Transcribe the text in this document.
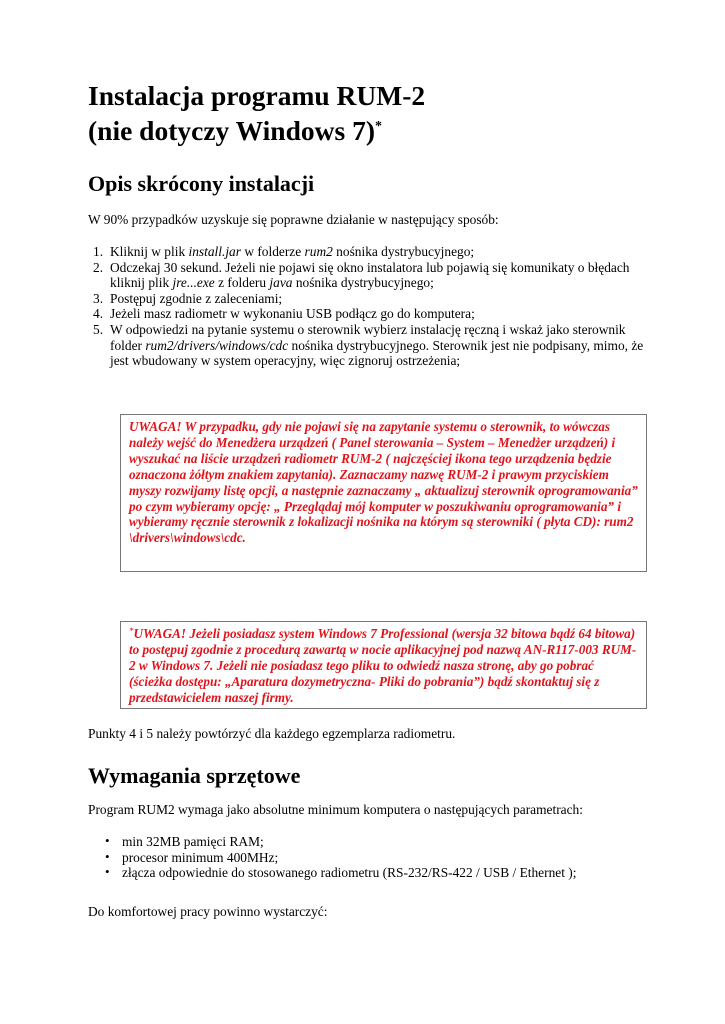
Instalacja programu RUM-2
(nie dotyczy Windows 7)*
Opis skrócony instalacji

W 90% przypadków uzyskuje się poprawne działanie w następujący sposób:

1. Kliknij w plik install.jar w folderze rum2 nośnika dystrybucyjnego;
2. Odczekaj 30 sekund. Jeżeli nie pojawi się okno instalatora lub pojawią się komunikaty o błędach kliknij plik jre...exe z folderu java nośnika dystrybucyjnego;
3. Postępuj zgodnie z zaleceniami;
4. Jeżeli masz radiometr w wykonaniu USB podłącz go do komputera;
5. W odpowiedzi na pytanie systemu o sterownik wybierz instalację ręczną i wskaż jako sterownik folder rum2/drivers/windows/cdc nośnika dystrybucyjnego. Sterownik jest nie podpisany, mimo, że jest wbudowany w system operacyjny, więc zignoruj ostrzeżenia;
UWAGA! W przypadku, gdy nie pojawi się na zapytanie systemu o sterownik, to wówczas należy wejść do Menedżera urządzeń ( Panel sterowania – System – Menedżer urządzeń) i wyszukać na liście urządzeń radiometr RUM-2 ( najczęściej ikona tego urządzenia będzie oznaczona żółtym znakiem zapytania). Zaznaczamy nazwę RUM-2 i prawym przyciskiem myszy rozwijamy listę opcji, a następnie zaznaczamy „ aktualizuj sterownik oprogramowania” po czym wybieramy opcję: „ Przeglądaj mój komputer w poszukiwaniu oprogramowania” i wybieramy ręcznie sterownik z lokalizacji nośnika na którym są sterowniki ( płyta CD): rum2 \drivers\windows\cdc.
*UWAGA! Jeżeli posiadasz system Windows 7 Professional (wersja 32 bitowa bądź 64 bitowa) to postępuj zgodnie z procedurą zawartą w nocie aplikacyjnej pod nazwą AN-R117-003 RUM-2 w Windows 7. Jeżeli nie posiadasz tego pliku to odwiedź nasza stronę, aby go pobrać (ścieżka dostępu: „Aparatura dozymetryczna- Pliki do pobrania”) bądź skontaktuj się z przedstawicielem naszej firmy.

Punkty 4 i 5 należy powtórzyć dla każdego egzemplarza radiometru.

Wymagania sprzętowe

Program RUM2 wymaga jako absolutne minimum komputera o następujących parametrach:

• min 32MB pamięci RAM;
• procesor minimum 400MHz;
• złącza odpowiednie do stosowanego radiometru (RS-232/RS-422 / USB / Ethernet );

Do komfortowej pracy powinno wystarczyć:
